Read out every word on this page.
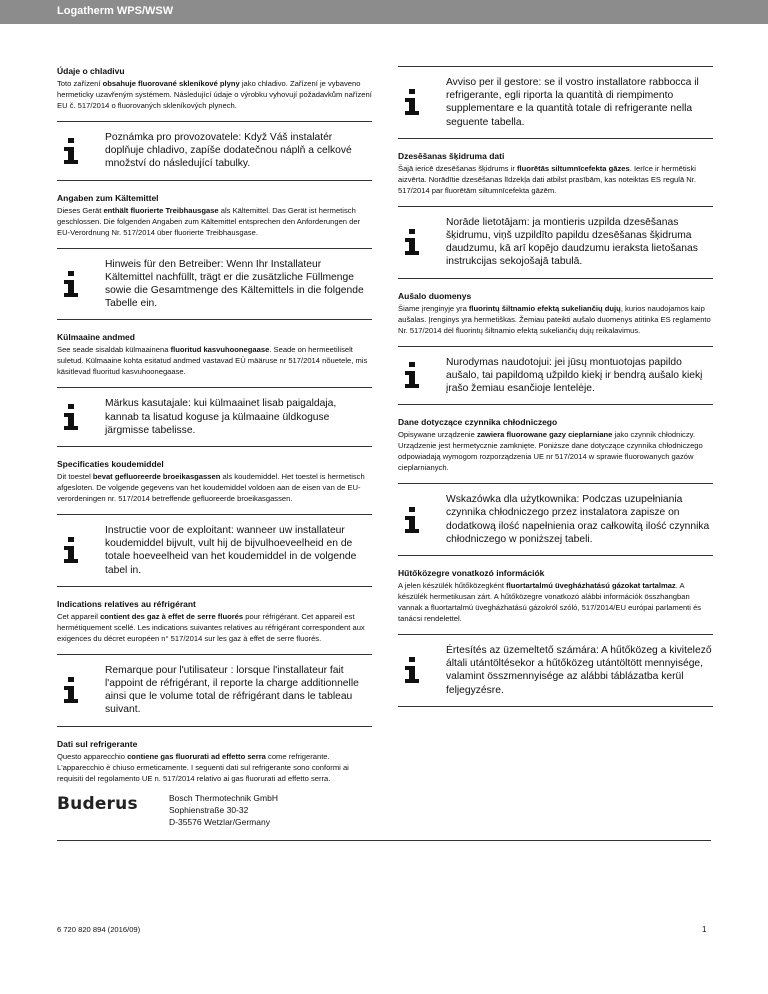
Logatherm WPS/WSW
Údaje o chladivu

Toto zařízení obsahuje fluorované skleníkové plyny jako chladivo. Zařízení je vybaveno hermeticky uzavřeným systémem. Následující údaje o výrobku vyhovují požadavkům nařízení EU č. 517/2014 o fluorovaných skleníkových plynech.

Poznámka pro provozovatele: Když Váš instalatér doplňuje chladivo, zapíše dodatečnou náplň a celkové množství do následující tabulky.

Angaben zum Kältemittel

Dieses Gerät enthält fluorierte Treibhausgase als Kältemittel. Das Gerät ist hermetisch geschlossen. Die folgenden Angaben zum Kältemittel entsprechen den Anforderungen der EU-Verordnung Nr. 517/2014 über fluorierte Treibhausgase.

Hinweis für den Betreiber: Wenn Ihr Installateur Kältemittel nachfüllt, trägt er die zusätzliche Füllmenge sowie die Gesamtmenge des Kältemittels in die folgende Tabelle ein.

Külmaaine andmed

See seade sisaldab külmaainena fluoritud kasvuhoonegaase. Seade on hermeetiliselt suletud. Külmaaine kohta esitatud andmed vastavad EÜ määruse nr 517/2014 nõuetele, mis käsitlevad fluoritud kasvuhoonegaase.

Märkus kasutajale: kui külmaainet lisab paigaldaja, kannab ta lisatud koguse ja külmaaine üldkoguse järgmisse tabelisse.

Specificaties koudemiddel

Dit toestel bevat gefluoreerde broeikasgassen als koudemiddel. Het toestel is hermetisch afgesloten. De volgende gegevens van het koudemiddel voldoen aan de eisen van de EU-verordeningen nr. 517/2014 betreffende gefluoreerde broeikasgassen.

Instructie voor de exploitant: wanneer uw installateur koudemiddel bijvult, vult hij de bijvulhoeveelheid en de totale hoeveelheid van het koudemiddel in de volgende tabel in.

Indications relatives au réfrigérant

Cet appareil contient des gaz à effet de serre fluorés pour réfrigérant. Cet appareil est hermétiquement scellé. Les indications suivantes relatives au réfrigérant correspondent aux exigences du décret européen n° 517/2014 sur les gaz à effet de serre fluorés.

Remarque pour l'utilisateur : lorsque l'installateur fait l'appoint de réfrigérant, il reporte la charge additionnelle ainsi que le volume total de réfrigérant dans le tableau suivant.

Dati sul refrigerante

Questo apparecchio contiene gas fluorurati ad effetto serra come refrigerante. L'apparecchio è chiuso ermeticamente. I seguenti dati sul refrigerante sono conformi ai requisiti del regolamento UE n. 517/2014 relativo ai gas fluorurati ad effetto serra.

Avviso per il gestore: se il vostro installatore rabbocca il refrigerante, egli riporta la quantità di riempimento supplementare e la quantità totale di refrigerante nella seguente tabella.

Dzesēšanas šķidruma dati

Šajā iericē dzesēšanas šķidrums ir fluorētās siltumnīcefekta gāzes. Ierīce ir hermētiski aizvērta. Norādītie dzesēšanas līdzekļa dati atbilst prasībām, kas noteiktas ES regulā Nr. 517/2014 par fluorētām siltumnīcefekta gāzēm.

Norāde lietotājam: ja montieris uzpilda dzesēšanas šķidrumu, viņš uzpildīto papildu dzesēšanas šķidruma daudzumu, kā arī kopējo daudzumu ieraksta lietošanas instrukcijas sekojošajā tabulā.

Aušalo duomenys

Šiame įrenginyje yra fluorintų šiltnamio efektą sukeliančių dujų, kurios naudojamos kaip aušalas. Įrenginys yra hermetiškas. Žemiau pateikti aušalo duomenys atitinka ES reglamento Nr. 517/2014 dėl fluorintų šiltnamio efektą sukeliančių dujų reikalavimus.

Nurodymas naudotojui: jei jūsų montuotojas papildo aušalo, tai papildomą užpildo kiekį ir bendrą aušalo kiekį įrašo žemiau esančioje lentelėje.

Dane dotyczące czynnika chłodniczego

Opisywane urządzenie zawiera fluorowane gazy cieplarniane jako czynnik chłodniczy. Urządzenie jest hermetycznie zamknięte. Poniższe dane dotyczące czynnika chłodniczego odpowiadają wymogom rozporządzenia UE nr 517/2014 w sprawie fluorowanych gazów cieplarnianych.

Wskazówka dla użytkownika: Podczas uzupełniania czynnika chłodniczego przez instalatora zapisze on dodatkową ilość napełnienia oraz całkowitą ilość czynnika chłodniczego w poniższej tabeli.

Hűtőközegre vonatkozó információk

A jelen készülék hűtőközegként fluortartalmú üvegházhatású gázokat tartalmaz. A készülék hermetikusan zárt. A hűtőközegre vonatkozó alábbi információk összhangban vannak a fluortartalmú üvegházhatású gázokról szóló, 517/2014/EU európai parlamenti és tanácsi rendelettel.

Értesítés az üzemeltető számára: A hűtőközeg a kivitelező általi utántöltésekor a hűtőközeg utántöltött mennyisége, valamint összmennyisége az alábbi táblázatba kerül feljegyzésre.

Buderus	Bosch Thermotechnik GmbH
Sophienstraße 30-32
D-35576 Wetzlar/Germany
6 720 820 894 (2016/09)	1
